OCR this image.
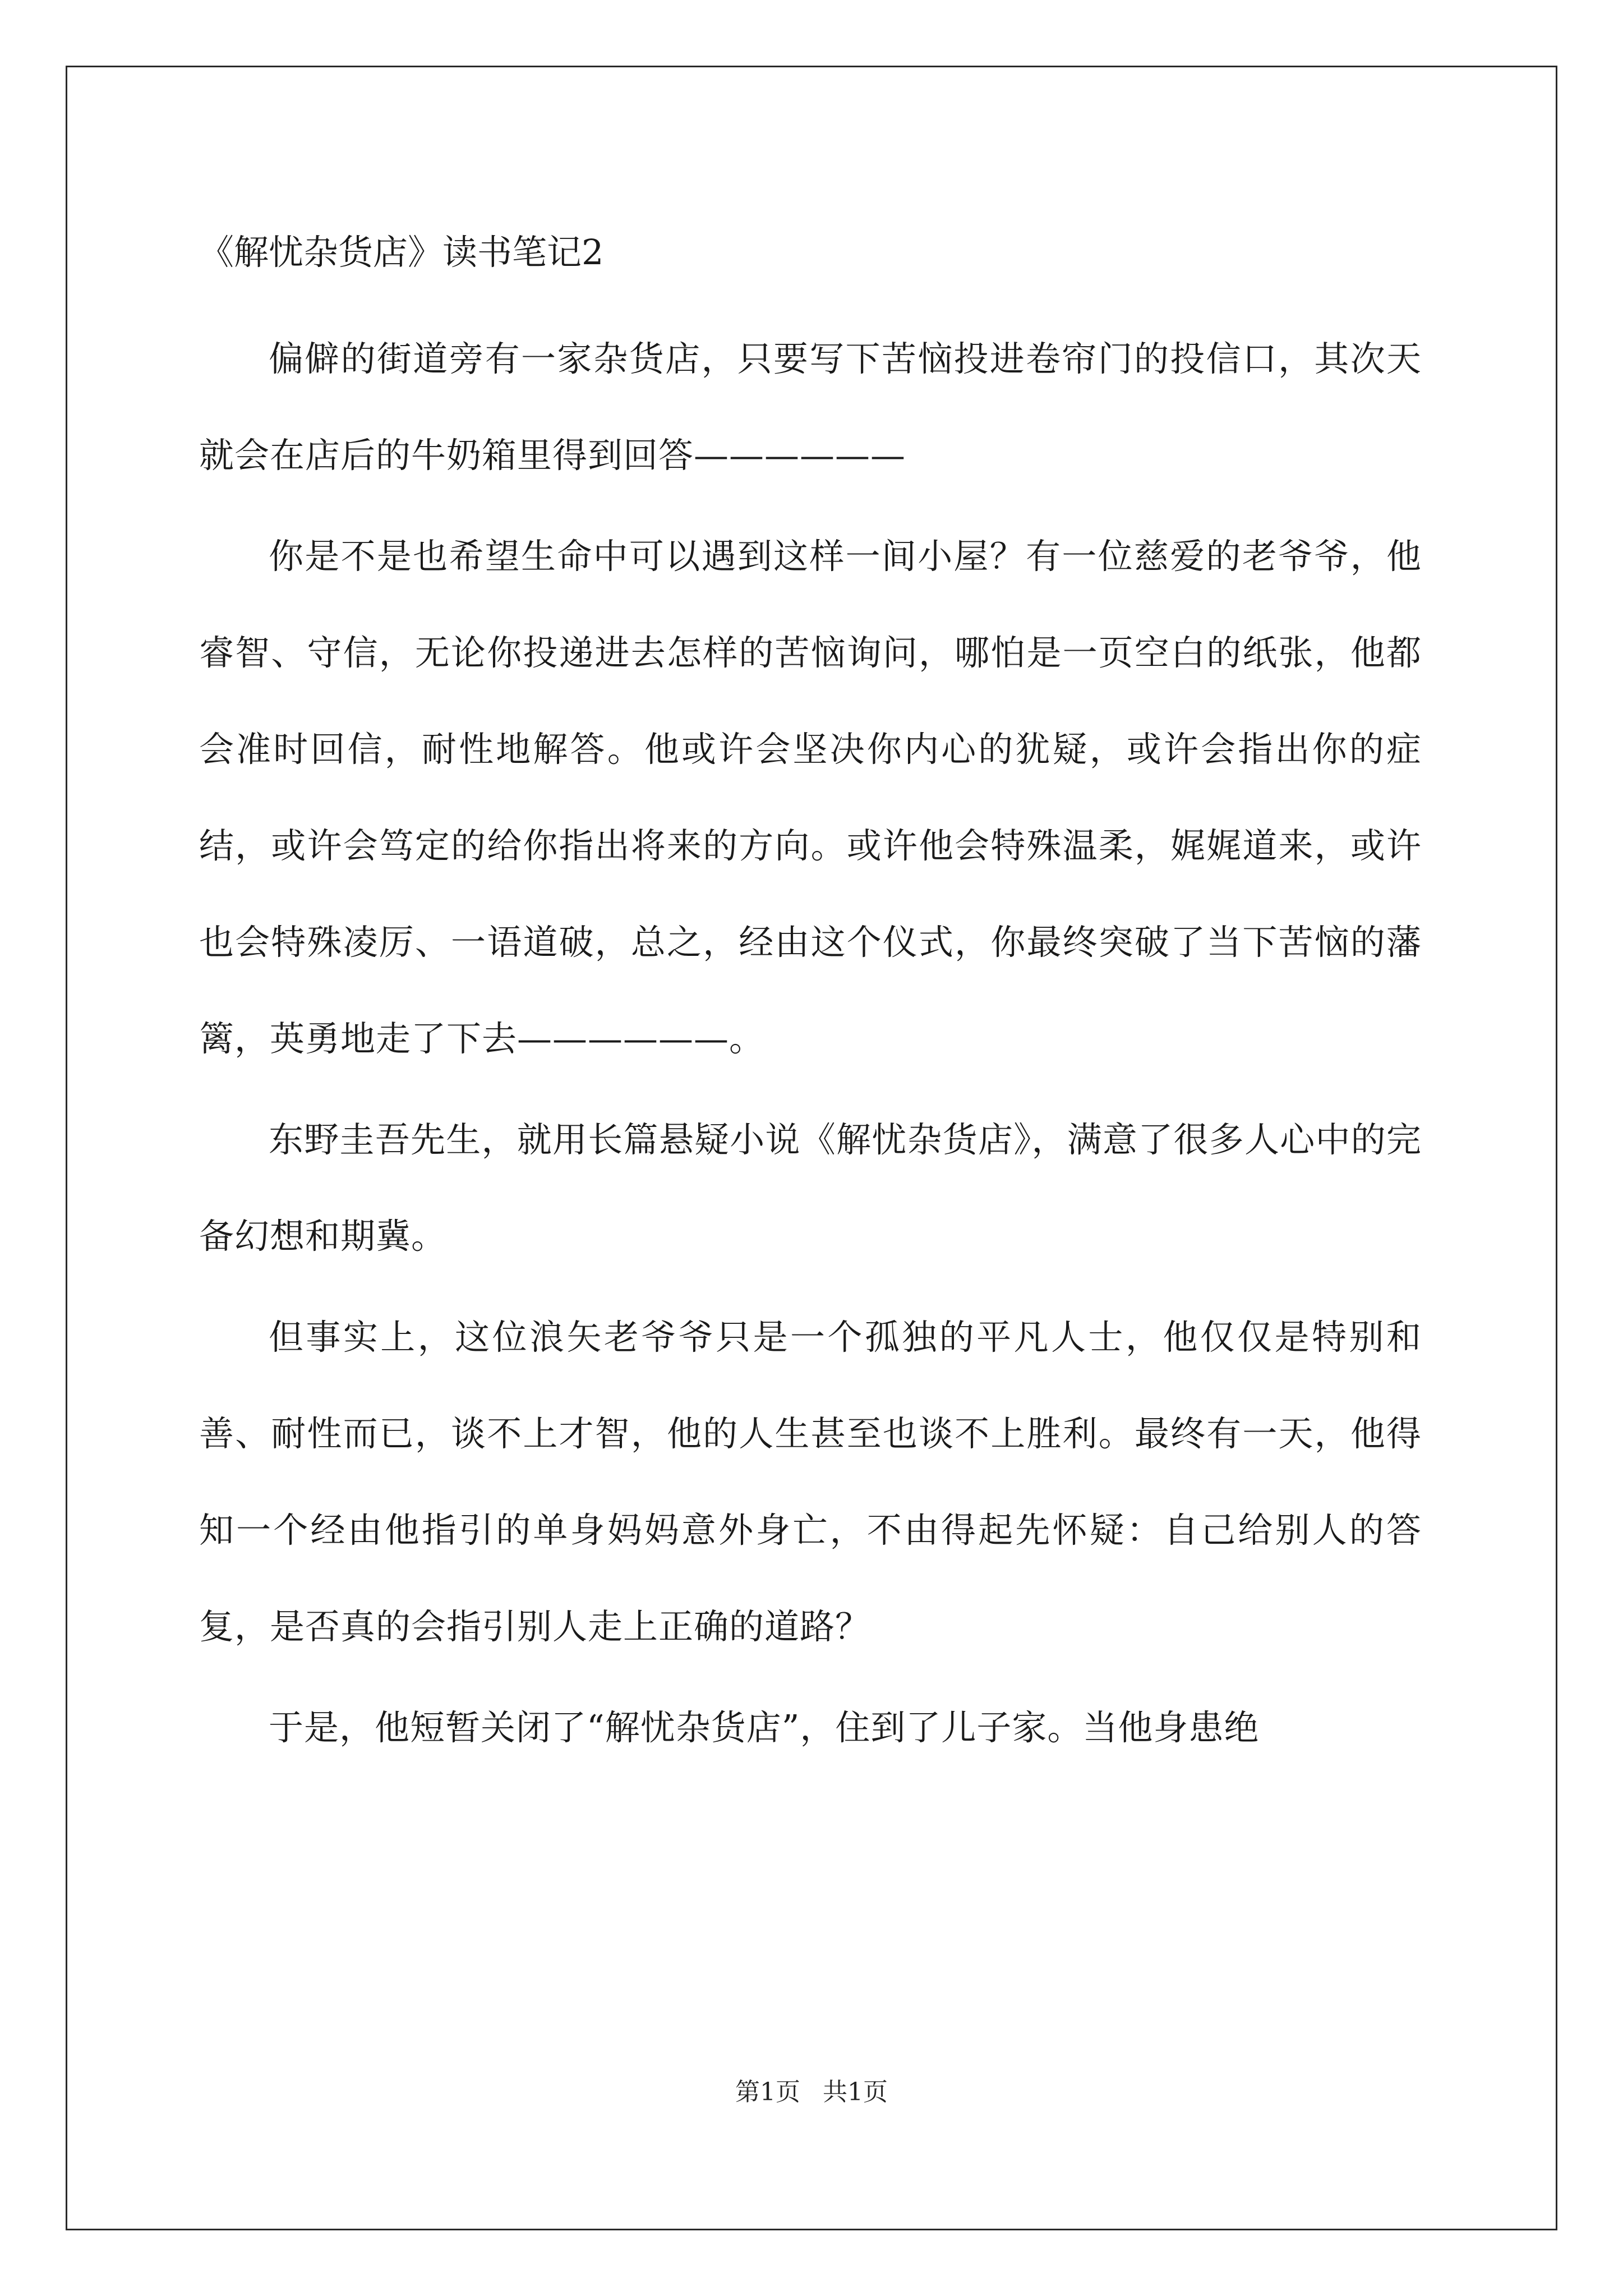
《解忧杂货店》读书笔记2

偏僻的街道旁有一家杂货店，只要写下苦恼投进卷帘门的投信口，其次天就会在店后的牛奶箱里得到回答——————

你是不是也希望生命中可以遇到这样一间小屋？有一位慈爱的老爷爷，他睿智、守信，无论你投递进去怎样的苦恼询问，哪怕是一页空白的纸张，他都会准时回信，耐性地解答。他或许会坚决你内心的犹疑，或许会指出你的症结，或许会笃定的给你指出将来的方向。或许他会特殊温柔，娓娓道来，或许也会特殊凌厉、一语道破，总之，经由这个仪式，你最终突破了当下苦恼的藩篱，英勇地走了下去——————。

东野圭吾先生，就用长篇悬疑小说《解忧杂货店》，满意了很多人心中的完备幻想和期冀。

但事实上，这位浪矢老爷爷只是一个孤独的平凡人士，他仅仅是特别和善、耐性而已，谈不上才智，他的人生甚至也谈不上胜利。最终有一天，他得知一个经由他指引的单身妈妈意外身亡，不由得起先怀疑：自己给别人的答复，是否真的会指引别人走上正确的道路？

于是，他短暂关闭了“解忧杂货店”，住到了儿子家。当他身患绝

第1页 共1页
